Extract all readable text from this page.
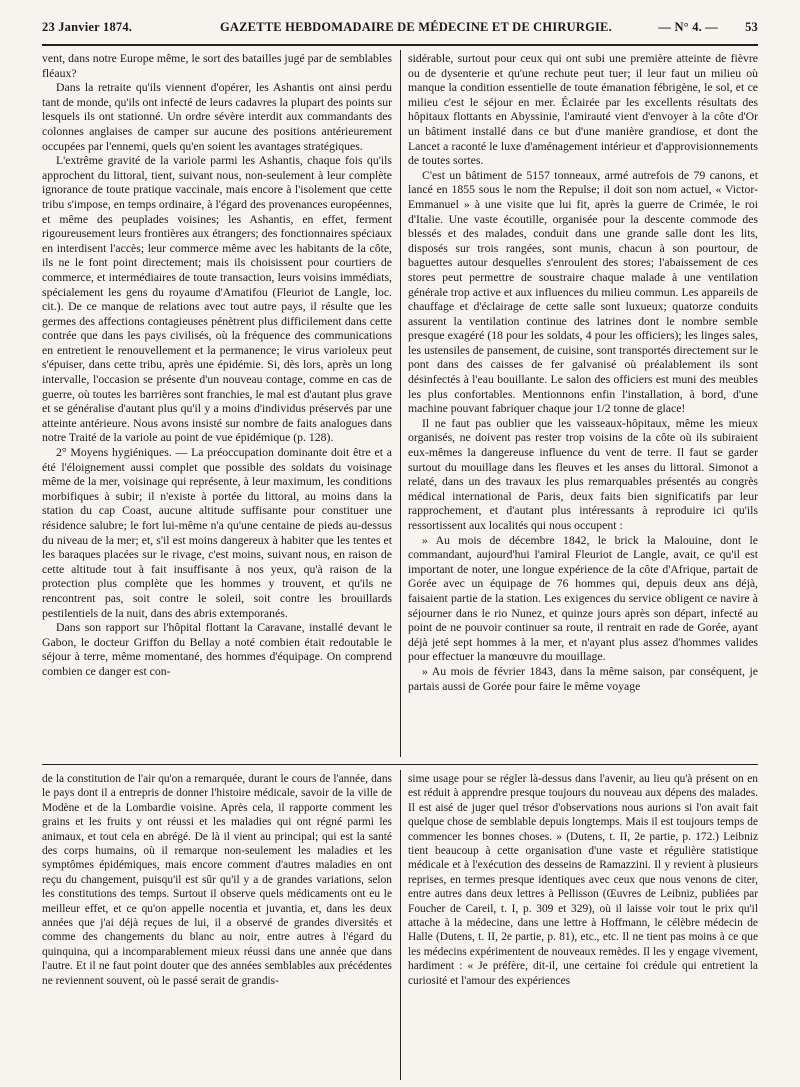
23 Janvier 1874.	GAZETTE HEBDOMADAIRE DE MÉDECINE ET DE CHIRURGIE.	— N° 4. — 53

vent, dans notre Europe même, le sort des batailles jugé par de semblables fléaux?

Dans la retraite qu'ils viennent d'opérer, les Ashantis ont ainsi perdu tant de monde, qu'ils ont infecté de leurs cadavres la plupart des points sur lesquels ils ont stationné. Un ordre sévère interdit aux commandants des colonnes anglaises de camper sur aucune des positions antérieurement occupées par l'ennemi, quels qu'en soient les avantages stratégiques.

L'extrême gravité de la variole parmi les Ashantis, chaque fois qu'ils approchent du littoral, tient, suivant nous, non-seulement à leur complète ignorance de toute pratique vaccinale, mais encore à l'isolement que cette tribu s'impose, en temps ordinaire, à l'égard des provenances européennes, et même des peuplades voisines; les Ashantis, en effet, ferment rigoureusement leurs frontières aux étrangers; des fonctionnaires spéciaux en interdisent l'accès; leur commerce même avec les habitants de la côte, ils ne le font point directement; mais ils choisissent pour courtiers de commerce, et intermédiaires de toute transaction, leurs voisins immédiats, spécialement les gens du royaume d'Amatifou (Fleuriot de Langle, loc. cit.). De ce manque de relations avec tout autre pays, il résulte que les germes des affections contagieuses pénètrent plus difficilement dans cette contrée que dans les pays civilisés, où la fréquence des communications en entretient le renouvellement et la permanence; le virus varioleux peut s'épuiser, dans cette tribu, après une épidémie. Si, dès lors, après un long intervalle, l'occasion se présente d'un nouveau contage, comme en cas de guerre, où toutes les barrières sont franchies, le mal est d'autant plus grave et se généralise d'autant plus qu'il y a moins d'individus préservés par une atteinte antérieure. Nous avons insisté sur nombre de faits analogues dans notre Traité de la variole au point de vue épidémique (p. 128).

2° Moyens hygiéniques. — La préoccupation dominante doit être et a été l'éloignement aussi complet que possible des soldats du voisinage même de la mer, voisinage qui représente, à leur maximum, les conditions morbifiques à subir; il n'existe à portée du littoral, au moins dans la station du cap Coast, aucune altitude suffisante pour constituer une résidence salubre; le fort lui-même n'a qu'une centaine de pieds au-dessus du niveau de la mer; et, s'il est moins dangereux à habiter que les tentes et les baraques placées sur le rivage, c'est moins, suivant nous, en raison de cette altitude tout à fait insuffisante à nos yeux, qu'à raison de la protection plus complète que les hommes y trouvent, et qu'ils ne rencontrent pas, soit contre le soleil, soit contre les brouillards pestilentiels de la nuit, dans des abris extemporanés.

Dans son rapport sur l'hôpital flottant la Caravane, installé devant le Gabon, le docteur Griffon du Bellay a noté combien était redoutable le séjour à terre, même momentané, des hommes d'équipage. On comprend combien ce danger est con-

sidérable, surtout pour ceux qui ont subi une première atteinte de fièvre ou de dysenterie et qu'une rechute peut tuer; il leur faut un milieu où manque la condition essentielle de toute émanation fébrigène, le sol, et ce milieu c'est le séjour en mer. Éclairée par les excellents résultats des hôpitaux flottants en Abyssinie, l'amirauté vient d'envoyer à la côte d'Or un bâtiment installé dans ce but d'une manière grandiose, et dont the Lancet a raconté le luxe d'aménagement intérieur et d'approvisionnements de toutes sortes.

C'est un bâtiment de 5157 tonneaux, armé autrefois de 79 canons, et lancé en 1855 sous le nom the Repulse; il doit son nom actuel, « Victor-Emmanuel » à une visite que lui fit, après la guerre de Crimée, le roi d'Italie. Une vaste écoutille, organisée pour la descente commode des blessés et des malades, conduit dans une grande salle dont les lits, disposés sur trois rangées, sont munis, chacun à son pourtour, de baguettes autour desquelles s'enroulent des stores; l'abaissement de ces stores peut permettre de soustraire chaque malade à une ventilation générale trop active et aux influences du milieu commun. Les appareils de chauffage et d'éclairage de cette salle sont luxueux; quatorze conduits assurent la ventilation continue des latrines dont le nombre semble presque exagéré (18 pour les soldats, 4 pour les officiers); les linges sales, les ustensiles de pansement, de cuisine, sont transportés directement sur le pont dans des caisses de fer galvanisé où préalablement ils sont désinfectés à l'eau bouillante. Le salon des officiers est muni des meubles les plus confortables. Mentionnons enfin l'installation, à bord, d'une machine pouvant fabriquer chaque jour 1/2 tonne de glace!

Il ne faut pas oublier que les vaisseaux-hôpitaux, même les mieux organisés, ne doivent pas rester trop voisins de la côte où ils subiraient eux-mêmes la dangereuse influence du vent de terre. Il faut se garder surtout du mouillage dans les fleuves et les anses du littoral. Simonot a relaté, dans un des travaux les plus remarquables présentés au congrès médical international de Paris, deux faits bien significatifs par leur rapprochement, et d'autant plus intéressants à reproduire ici qu'ils ressortissent aux localités qui nous occupent :

» Au mois de décembre 1842, le brick la Malouine, dont le commandant, aujourd'hui l'amiral Fleuriot de Langle, avait, ce qu'il est important de noter, une longue expérience de la côte d'Afrique, partait de Gorée avec un équipage de 76 hommes qui, depuis deux ans déjà, faisaient partie de la station. Les exigences du service obligent ce navire à séjourner dans le rio Nunez, et quinze jours après son départ, infecté au point de ne pouvoir continuer sa route, il rentrait en rade de Gorée, ayant déjà jeté sept hommes à la mer, et n'ayant plus assez d'hommes valides pour effectuer la manœuvre du mouillage.

» Au mois de février 1843, dans la même saison, par conséquent, je partais aussi de Gorée pour faire le même voyage

de la constitution de l'air qu'on a remarquée, durant le cours de l'année, dans le pays dont il a entrepris de donner l'histoire médicale, savoir de la ville de Modène et de la Lombardie voisine. Après cela, il rapporte comment les grains et les fruits y ont réussi et les maladies qui ont régné parmi les animaux, et tout cela en abrégé. De là il vient au principal; qui est la santé des corps humains, où il remarque non-seulement les maladies et les symptômes épidémiques, mais encore comment d'autres maladies en ont reçu du changement, puisqu'il est sûr qu'il y a de grandes variations, selon les constitutions des temps. Surtout il observe quels médicaments ont eu le meilleur effet, et ce qu'on appelle nocentia et juvantia, et, dans les deux années que j'ai déjà reçues de lui, il a observé de grandes diversités et comme des changements du blanc au noir, entre autres à l'égard du quinquina, qui a incomparablement mieux réussi dans une année que dans l'autre. Et il ne faut point douter que des années semblables aux précédentes ne reviennent souvent, où le passé serait de grandis-

sime usage pour se régler là-dessus dans l'avenir, au lieu qu'à présent on en est réduit à apprendre presque toujours du nouveau aux dépens des malades. Il est aisé de juger quel trésor d'observations nous aurions si l'on avait fait quelque chose de semblable depuis longtemps. Mais il est toujours temps de commencer les bonnes choses. » (Dutens, t. II, 2e partie, p. 172.) Leibniz tient beaucoup à cette organisation d'une vaste et régulière statistique médicale et à l'exécution des desseins de Ramazzini. Il y revient à plusieurs reprises, en termes presque identiques avec ceux que nous venons de citer, entre autres dans deux lettres à Pellisson (Œuvres de Leibniz, publiées par Foucher de Careil, t. I, p. 309 et 329), où il laisse voir tout le prix qu'il attache à la médecine, dans une lettre à Hoffmann, le célèbre médecin de Halle (Dutens, t. II, 2e partie, p. 81), etc., etc. Il ne tient pas moins à ce que les médecins expérimentent de nouveaux remèdes. Il les y engage vivement, hardiment : « Je préfère, dit-il, une certaine foi crédule qui entretient la curiosité et l'amour des expériences
